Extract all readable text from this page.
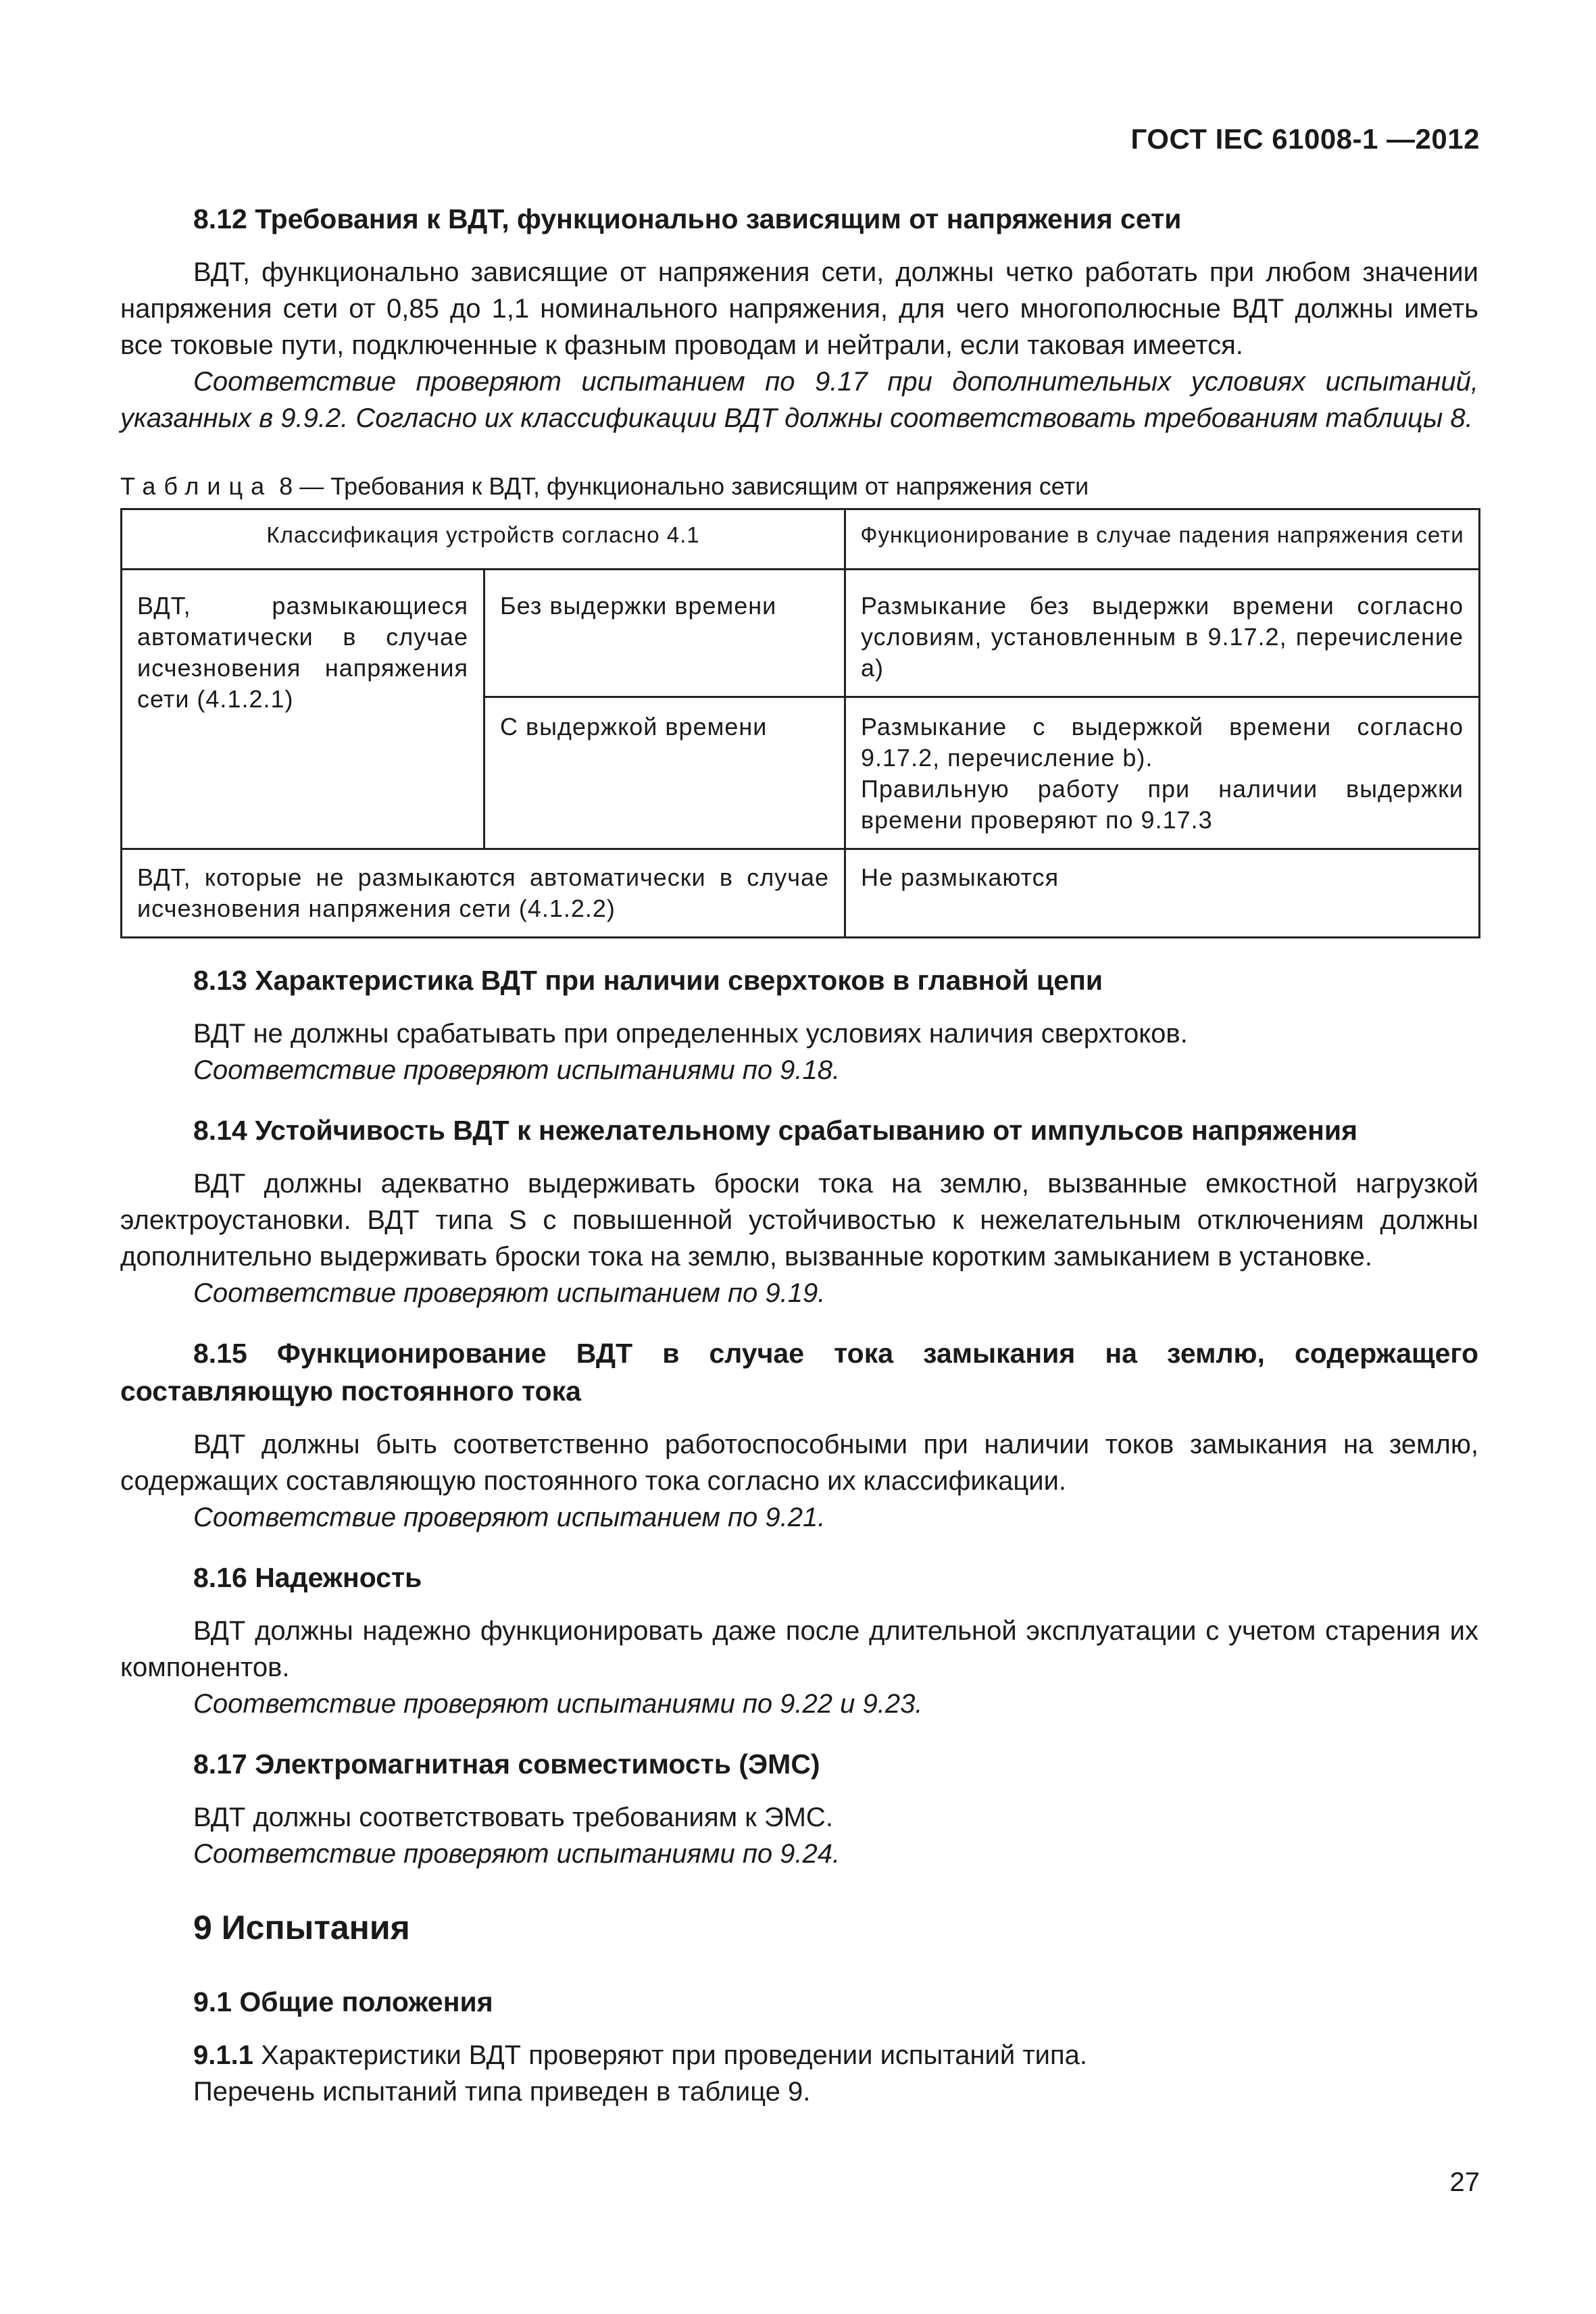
ГОСТ IEC 61008-1 —2012

8.12 Требования к ВДТ, функционально зависящим от напряжения сети

ВДТ, функционально зависящие от напряжения сети, должны четко работать при любом значении напряжения сети от 0,85 до 1,1 номинального напряжения, для чего многополюсные ВДТ должны иметь все токовые пути, подключенные к фазным проводам и нейтрали, если таковая имеется.

Соответствие проверяют испытанием по 9.17 при дополнительных условиях испытаний, указанных в 9.9.2. Согласно их классификации ВДТ должны соответствовать требованиям таблицы 8.

Таблица 8 — Требования к ВДТ, функционально зависящим от напряжения сети

Классификация устройств согласно 4.1		Функционирование в случае падения напряжения сети
ВДТ, размыкающиеся автоматически в случае исчезновения напряжения сети (4.1.2.1)	Без выдержки времени	Размыкание без выдержки времени согласно условиям, установленным в 9.17.2, перечисление а)
	С выдержкой времени	Размыкание с выдержкой времени согласно 9.17.2, перечисление b).
Правильную работу при наличии выдержки времени проверяют по 9.17.3

ВДТ, которые не размыкаются автоматически в случае исчезновения напряжения сети (4.1.2.2)		Не размыкаются

8.13 Характеристика ВДТ при наличии сверхтоков в главной цепи

ВДТ не должны срабатывать при определенных условиях наличия сверхтоков.

Соответствие проверяют испытаниями по 9.18.

8.14 Устойчивость ВДТ к нежелательному срабатыванию от импульсов напряжения

ВДТ должны адекватно выдерживать броски тока на землю, вызванные емкостной нагрузкой электроустановки. ВДТ типа S с повышенной устойчивостью к нежелательным отключениям должны дополнительно выдерживать броски тока на землю, вызванные коротким замыканием в установке.

Соответствие проверяют испытанием по 9.19.

8.15 Функционирование ВДТ в случае тока замыкания на землю, содержащего составляющую постоянного тока

ВДТ должны быть соответственно работоспособными при наличии токов замыкания на землю, содержащих составляющую постоянного тока согласно их классификации.

Соответствие проверяют испытанием по 9.21.

8.16 Надежность

ВДТ должны надежно функционировать даже после длительной эксплуатации с учетом старения их компонентов.

Соответствие проверяют испытаниями по 9.22 и 9.23.

8.17 Электромагнитная совместимость (ЭМС)

ВДТ должны соответствовать требованиям к ЭМС.

Соответствие проверяют испытаниями по 9.24.

9 Испытания

9.1 Общие положения

9.1.1 Характеристики ВДТ проверяют при проведении испытаний типа.

Перечень испытаний типа приведен в таблице 9.

27
